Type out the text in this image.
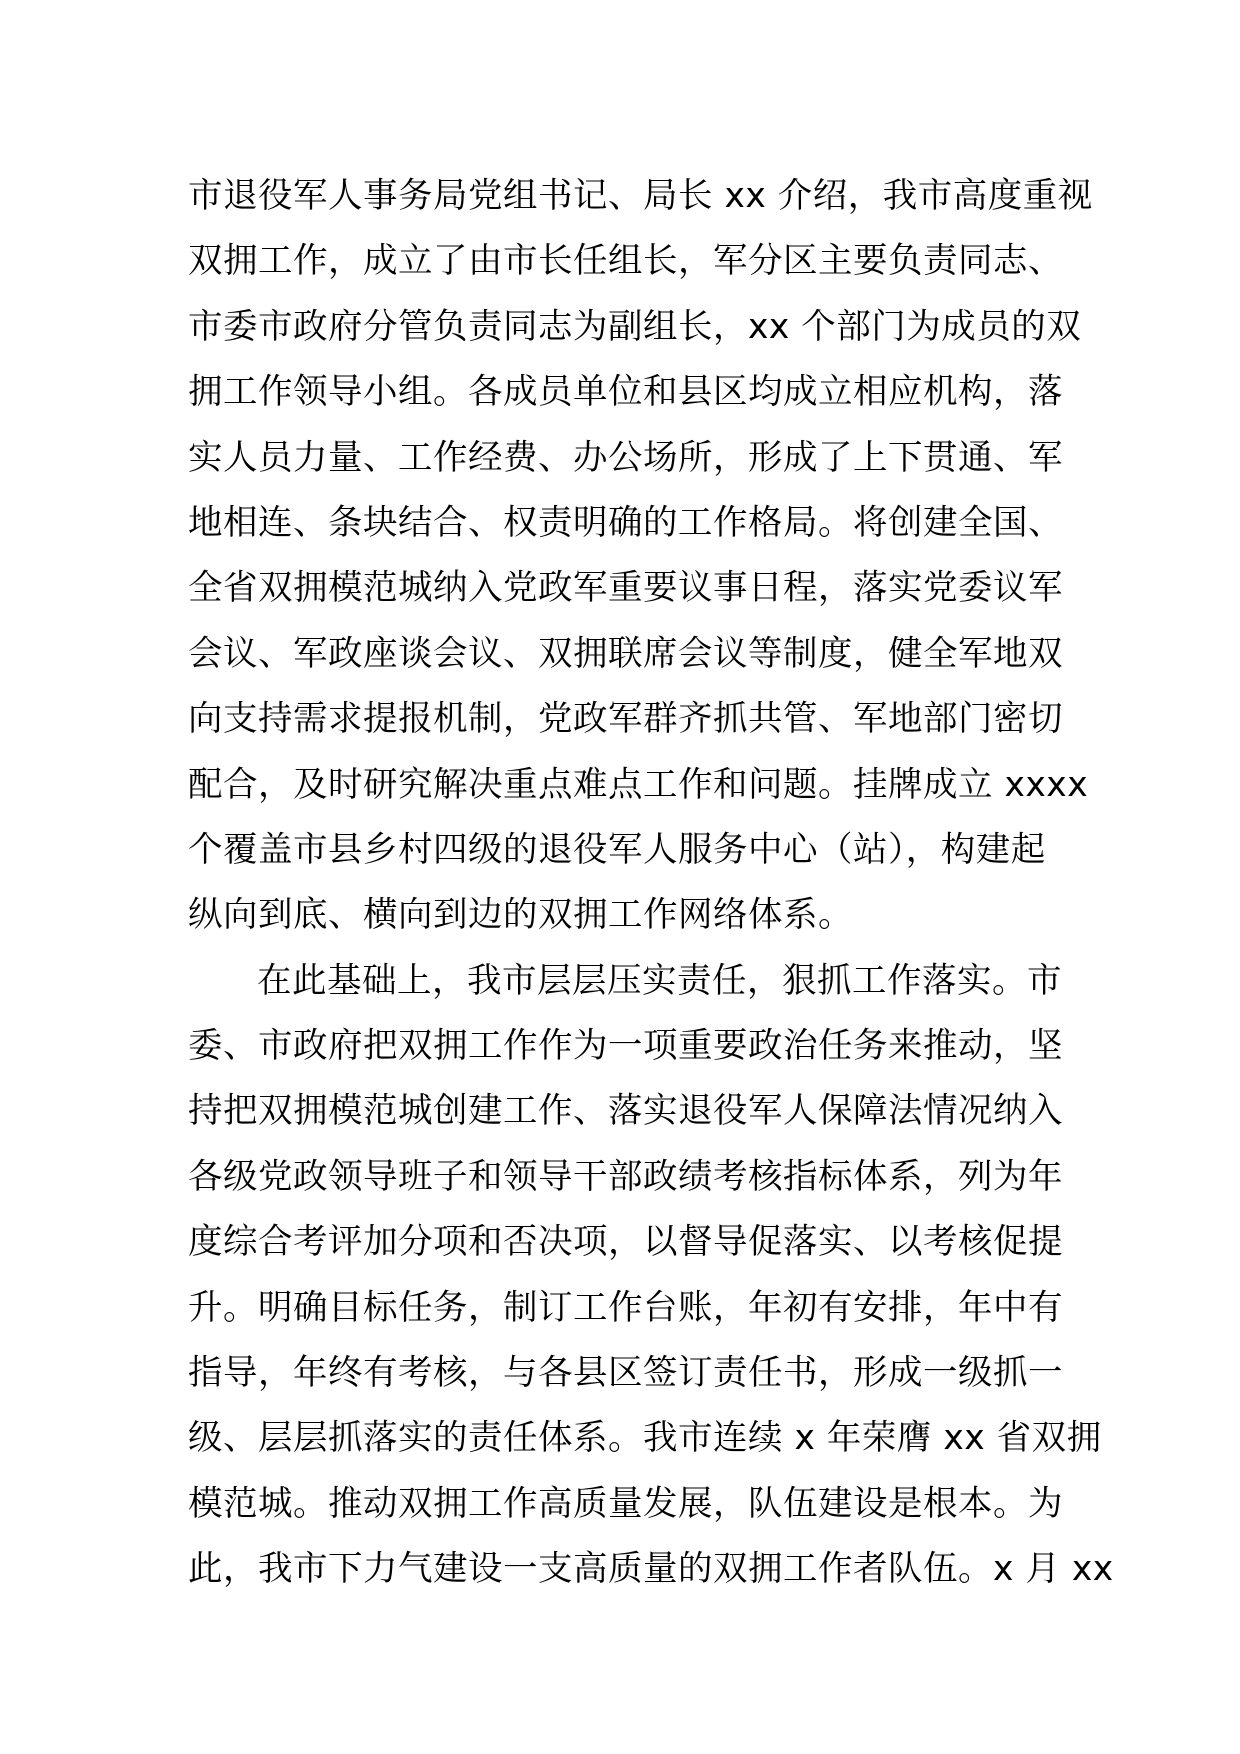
市退役军人事务局党组书记、局长 xx 介绍，我市高度重视
双拥工作，成立了由市长任组长，军分区主要负责同志、
市委市政府分管负责同志为副组长，xx 个部门为成员的双
拥工作领导小组。各成员单位和县区均成立相应机构，落
实人员力量、工作经费、办公场所，形成了上下贯通、军
地相连、条块结合、权责明确的工作格局。将创建全国、
全省双拥模范城纳入党政军重要议事日程，落实党委议军
会议、军政座谈会议、双拥联席会议等制度，健全军地双
向支持需求提报机制，党政军群齐抓共管、军地部门密切
配合，及时研究解决重点难点工作和问题。挂牌成立 xxxx
个覆盖市县乡村四级的退役军人服务中心（站），构建起
纵向到底、横向到边的双拥工作网络体系。
在此基础上，我市层层压实责任，狠抓工作落实。市
委、市政府把双拥工作作为一项重要政治任务来推动，坚
持把双拥模范城创建工作、落实退役军人保障法情况纳入
各级党政领导班子和领导干部政绩考核指标体系，列为年
度综合考评加分项和否决项，以督导促落实、以考核促提
升。明确目标任务，制订工作台账，年初有安排，年中有
指导，年终有考核，与各县区签订责任书，形成一级抓一
级、层层抓落实的责任体系。我市连续 x 年荣膺 xx 省双拥
模范城。推动双拥工作高质量发展，队伍建设是根本。为
此，我市下力气建设一支高质量的双拥工作者队伍。x 月 xx
